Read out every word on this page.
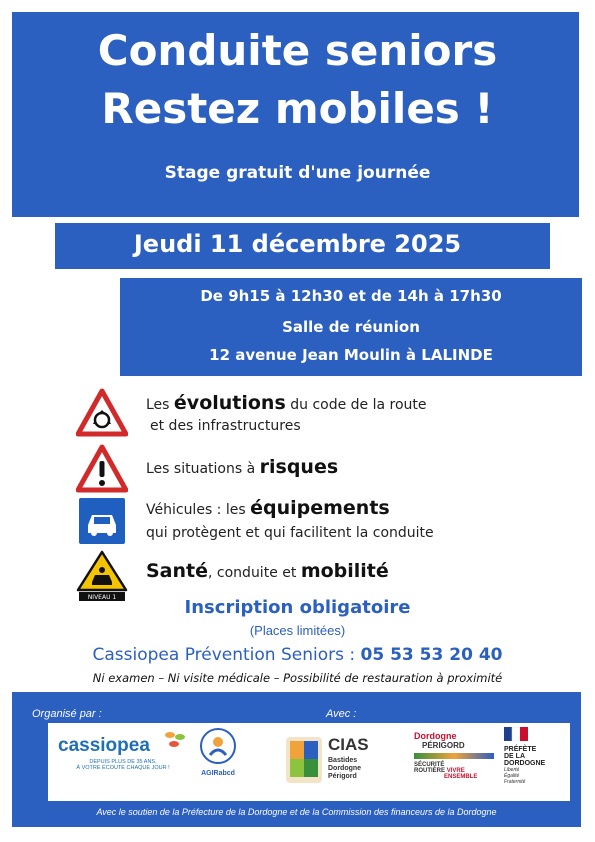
Conduite seniors
Restez mobiles !
Stage gratuit d'une journée
Jeudi 11 décembre 2025
De 9h15 à 12h30 et de 14h à 17h30
Salle de réunion
12 avenue Jean Moulin à LALINDE
Les évolutions du code de la route
et des infrastructures
Les situations à risques
Véhicules : les équipements
qui protègent et qui facilitent la conduite
NIVEAU 1
Santé, conduite et mobilité
Inscription obligatoire
(Places limitées)
Cassiopea Prévention Seniors : 05 53 53 20 40
Ni examen – Ni visite médicale – Possibilité de restauration à proximité
Organisé par :	Avec :
cassiopea
DEPUIS PLUS DE 35 ANS,
À VOTRE ÉCOUTE CHAQUE JOUR !
AGIRabcd
CIAS
Bastides
Dordogne
Périgord
Dordogne
PÉRIGORD
SÉCURITÉ
ROUTIÈRE VIVRE
ENSEMBLE
PRÉFÈTE
DE LA
DORDOGNE
Liberté
Égalité
Fraternité
Avec le soutien de la Préfecture de la Dordogne et de la Commission des financeurs de la Dordogne
